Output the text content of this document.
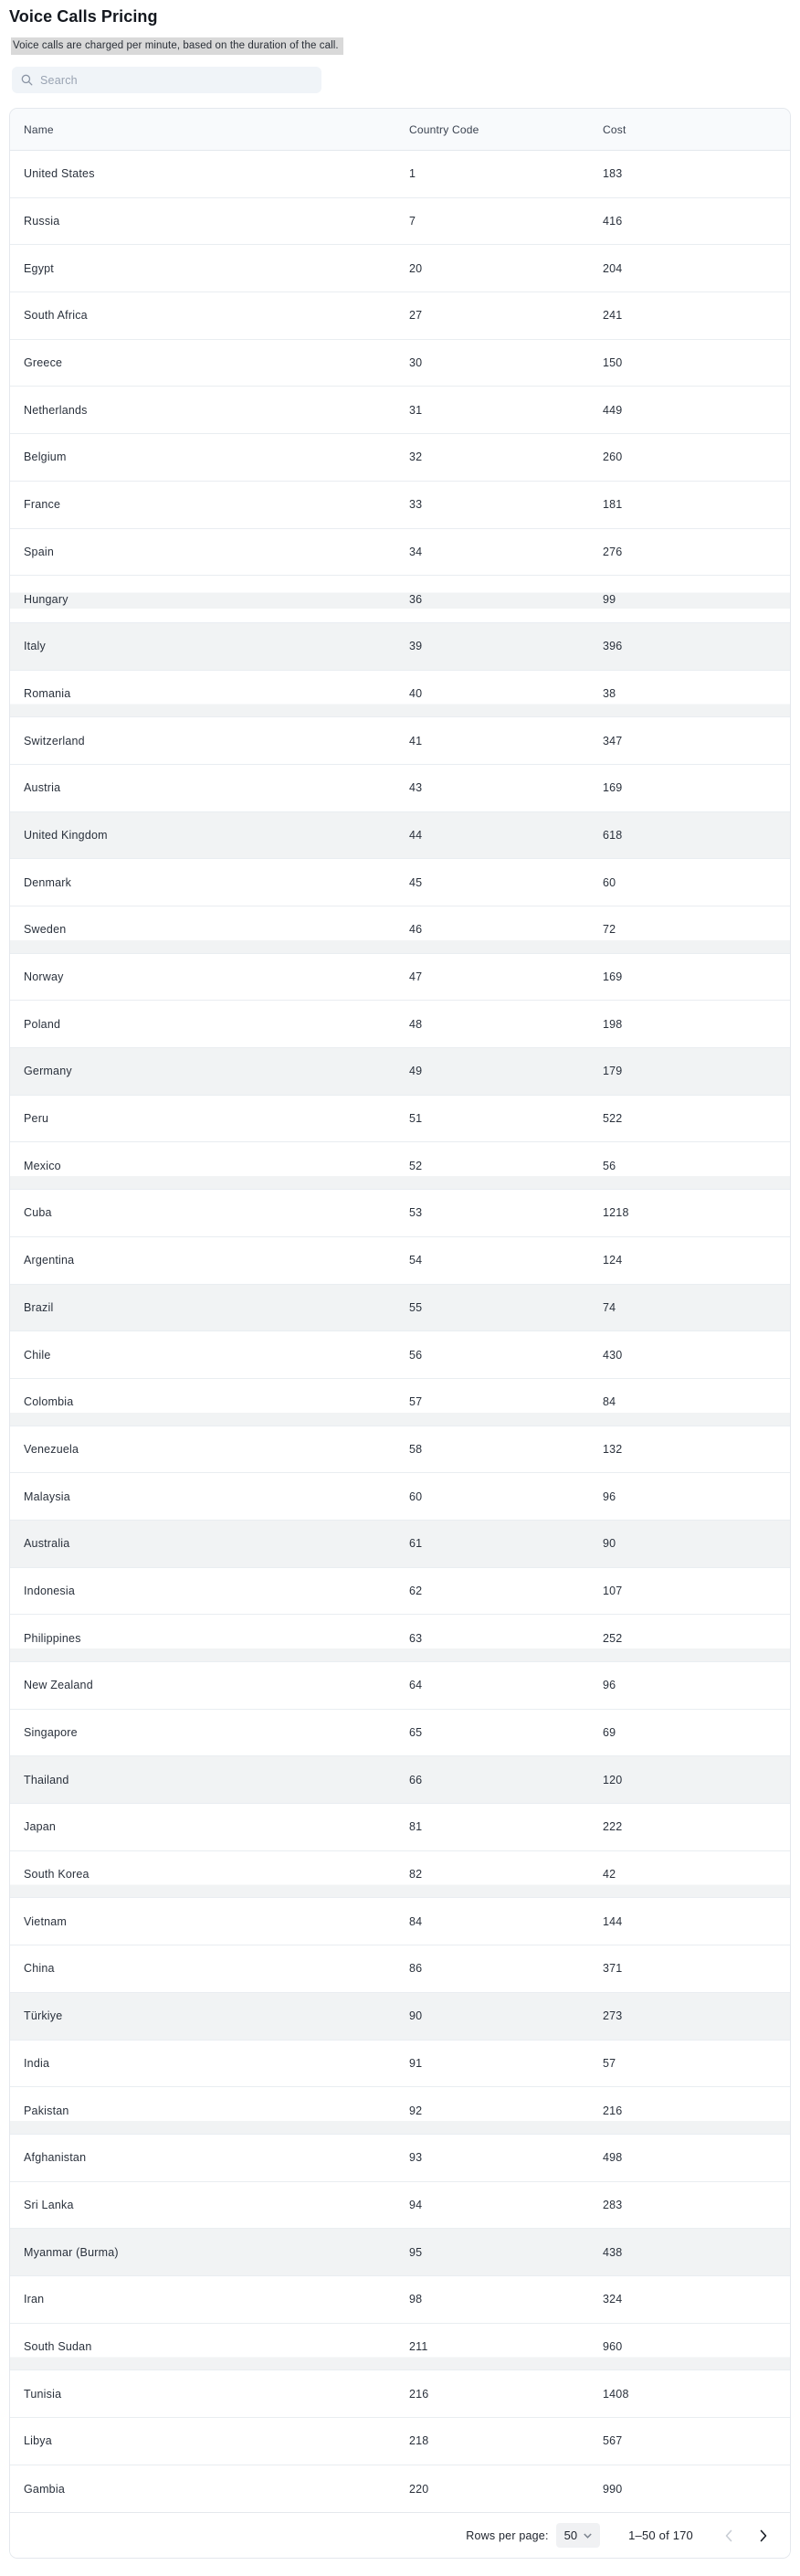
Voice Calls Pricing
Voice calls are charged per minute, based on the duration of the call.
Search
Name	Country Code	Cost
United States	1	183
Russia	7	416
Egypt	20	204
South Africa	27	241
Greece	30	150
Netherlands	31	449
Belgium	32	260
France	33	181
Spain	34	276
Hungary	36	99
Italy	39	396
Romania	40	38
Switzerland	41	347
Austria	43	169
United Kingdom	44	618
Denmark	45	60
Sweden	46	72
Norway	47	169
Poland	48	198
Germany	49	179
Peru	51	522
Mexico	52	56
Cuba	53	1218
Argentina	54	124
Brazil	55	74
Chile	56	430
Colombia	57	84
Venezuela	58	132
Malaysia	60	96
Australia	61	90
Indonesia	62	107
Philippines	63	252
New Zealand	64	96
Singapore	65	69
Thailand	66	120
Japan	81	222
South Korea	82	42
Vietnam	84	144
China	86	371
Türkiye	90	273
India	91	57
Pakistan	92	216
Afghanistan	93	498
Sri Lanka	94	283
Myanmar (Burma)	95	438
Iran	98	324
South Sudan	211	960
Tunisia	216	1408
Libya	218	567
Gambia	220	990
Rows per page: 50	1–50 of 170
